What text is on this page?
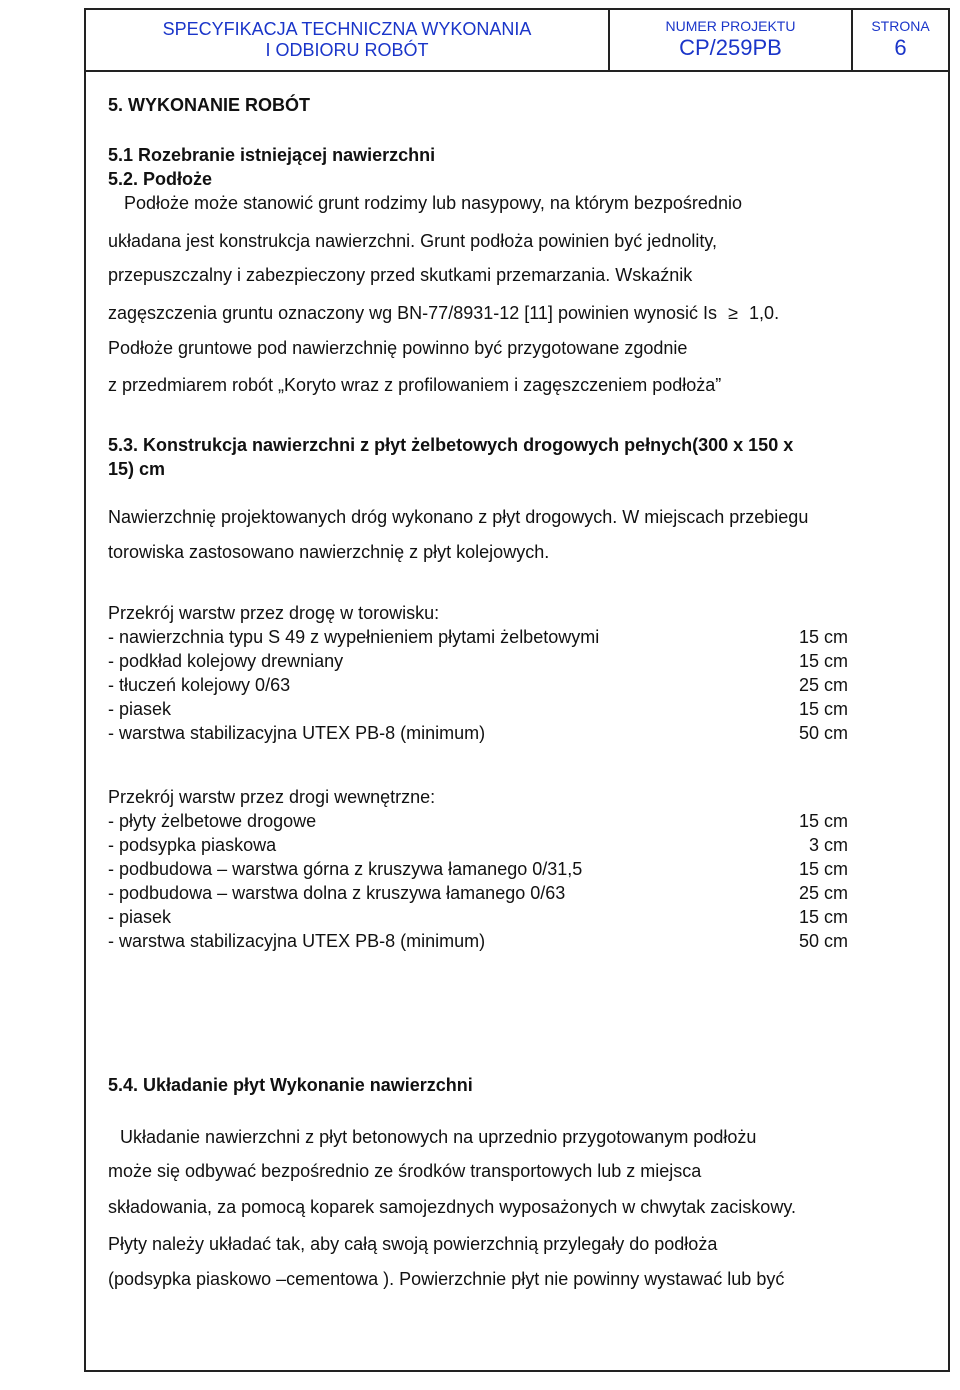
SPECYFIKACJA TECHNICZNA WYKONANIA
I ODBIORU ROBÓT
NUMER PROJEKTU
CP/259PB
STRONA
6
5. WYKONANIE ROBÓT
5.1 Rozebranie istniejącej nawierzchni
5.2. Podłoże
Podłoże może stanowić grunt rodzimy lub nasypowy, na którym bezpośrednio
układana jest konstrukcja nawierzchni. Grunt podłoża powinien być jednolity,
przepuszczalny i zabezpieczony przed skutkami przemarzania. Wskaźnik
zagęszczenia gruntu oznaczony wg BN-77/8931-12 [11] powinien wynosić Is ≥ 1,0.
Podłoże gruntowe pod nawierzchnię powinno być przygotowane zgodnie
z przedmiarem robót „Koryto wraz z profilowaniem i zagęszczeniem podłoża”
5.3. Konstrukcja nawierzchni z płyt żelbetowych drogowych pełnych(300 x 150 x
15) cm
Nawierzchnię projektowanych dróg wykonano z płyt drogowych. W miejscach przebiegu
torowiska zastosowano nawierzchnię z płyt kolejowych.
Przekrój warstw przez drogę w torowisku:
- nawierzchnia typu S 49 z wypełnieniem płytami żelbetowymi	15 cm
- podkład kolejowy drewniany	15 cm
- tłuczeń kolejowy 0/63	25 cm
- piasek	15 cm
- warstwa stabilizacyjna UTEX PB-8 (minimum)	50 cm
Przekrój warstw przez drogi wewnętrzne:
- płyty żelbetowe drogowe	15 cm
- podsypka piaskowa	3 cm
- podbudowa – warstwa górna z kruszywa łamanego 0/31,5	15 cm
- podbudowa – warstwa dolna z kruszywa łamanego 0/63	25 cm
- piasek	15 cm
- warstwa stabilizacyjna UTEX PB-8 (minimum)	50 cm
5.4. Układanie płyt Wykonanie nawierzchni
Układanie nawierzchni z płyt betonowych na uprzednio przygotowanym podłożu
może się odbywać bezpośrednio ze środków transportowych lub z miejsca
składowania, za pomocą koparek samojezdnych wyposażonych w chwytak zaciskowy.
Płyty należy układać tak, aby całą swoją powierzchnią przylegały do podłoża
(podsypka piaskowo –cementowa ). Powierzchnie płyt nie powinny wystawać lub być
